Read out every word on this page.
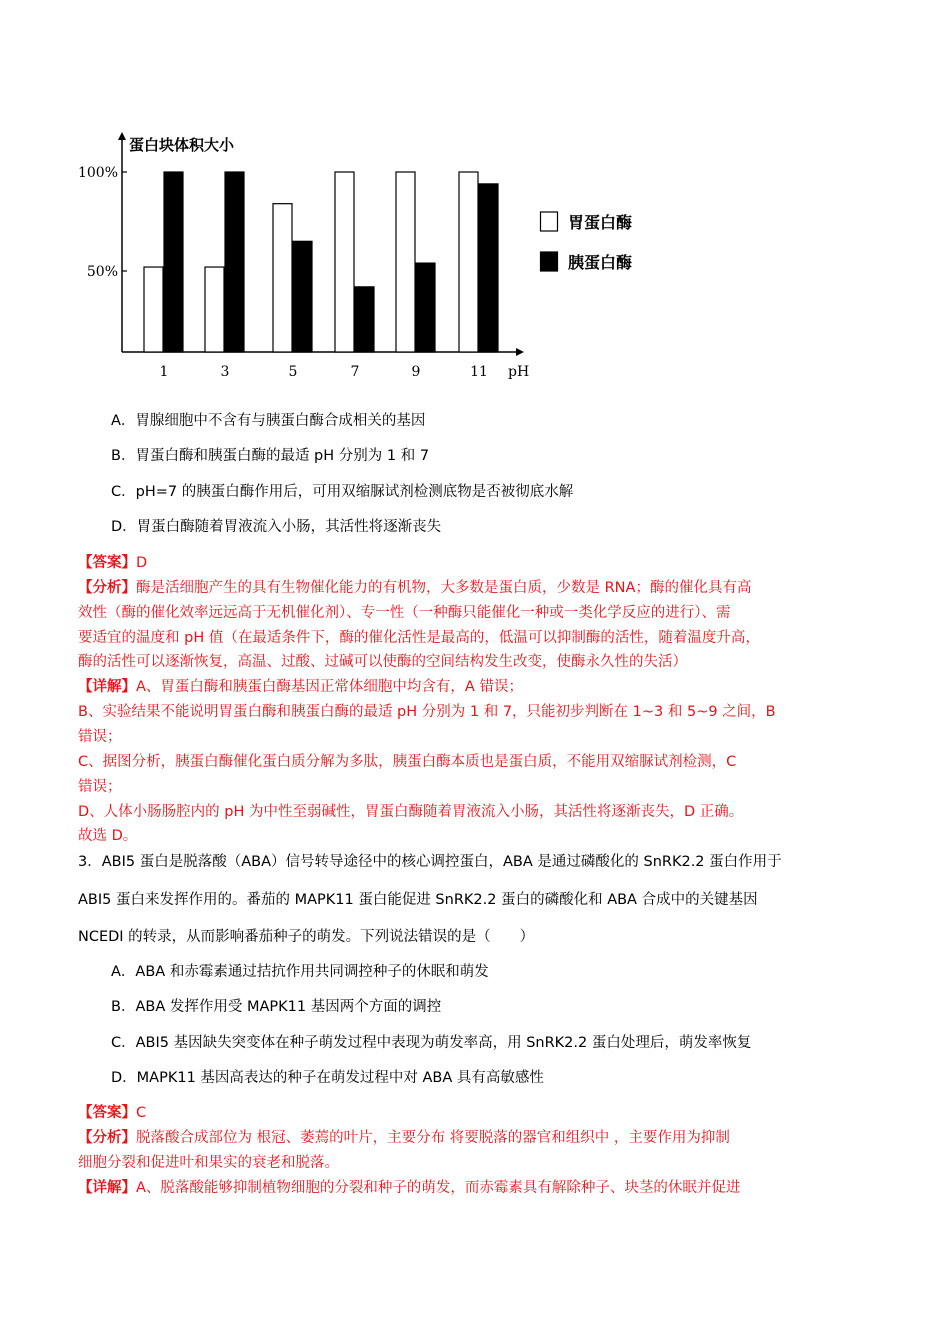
100%
50%
蛋白块体积大小
1	3	5	7	9	11 pH
胃蛋白酶
胰蛋白酶
A．胃腺细胞中不含有与胰蛋白酶合成相关的基因
B．胃蛋白酶和胰蛋白酶的最适 pH 分别为 1 和 7
C．pH=7 的胰蛋白酶作用后，可用双缩脲试剂检测底物是否被彻底水解
D．胃蛋白酶随着胃液流入小肠，其活性将逐渐丧失
【答案】D
【分析】酶是活细胞产生的具有生物催化能力的有机物，大多数是蛋白质，少数是 RNA；酶的催化具有高
效性（酶的催化效率远远高于无机催化剂）、专一性（一种酶只能催化一种或一类化学反应的进行）、需
要适宜的温度和 pH 值（在最适条件下，酶的催化活性是最高的，低温可以抑制酶的活性，随着温度升高，
酶的活性可以逐渐恢复，高温、过酸、过碱可以使酶的空间结构发生改变，使酶永久性的失活）
【详解】A、胃蛋白酶和胰蛋白酶基因正常体细胞中均含有，A 错误；
B、实验结果不能说明胃蛋白酶和胰蛋白酶的最适 pH 分别为 1 和 7，只能初步判断在 1~3 和 5~9 之间，B
错误；
C、据图分析，胰蛋白酶催化蛋白质分解为多肽，胰蛋白酶本质也是蛋白质，不能用双缩脲试剂检测，C
错误；
D、人体小肠肠腔内的 pH 为中性至弱碱性，胃蛋白酶随着胃液流入小肠，其活性将逐渐丧失，D 正确。
故选 D。
3．ABI5 蛋白是脱落酸（ABA）信号转导途径中的核心调控蛋白，ABA 是通过磷酸化的 SnRK2.2 蛋白作用于
ABI5 蛋白来发挥作用的。番茄的 MAPK11 蛋白能促进 SnRK2.2 蛋白的磷酸化和 ABA 合成中的关键基因
NCEDI 的转录，从而影响番茄种子的萌发。下列说法错误的是（　　）
A．ABA 和赤霉素通过拮抗作用共同调控种子的休眠和萌发
B．ABA 发挥作用受 MAPK11 基因两个方面的调控
C．ABI5 基因缺失突变体在种子萌发过程中表现为萌发率高，用 SnRK2.2 蛋白处理后，萌发率恢复
D．MAPK11 基因高表达的种子在萌发过程中对 ABA 具有高敏感性
【答案】C
【分析】脱落酸合成部位为 根冠、萎蔫的叶片，主要分布 将要脱落的器官和组织中 ，主要作用为抑制
细胞分裂和促进叶和果实的衰老和脱落。
【详解】A、脱落酸能够抑制植物细胞的分裂和种子的萌发，而赤霉素具有解除种子、块茎的休眠并促进
